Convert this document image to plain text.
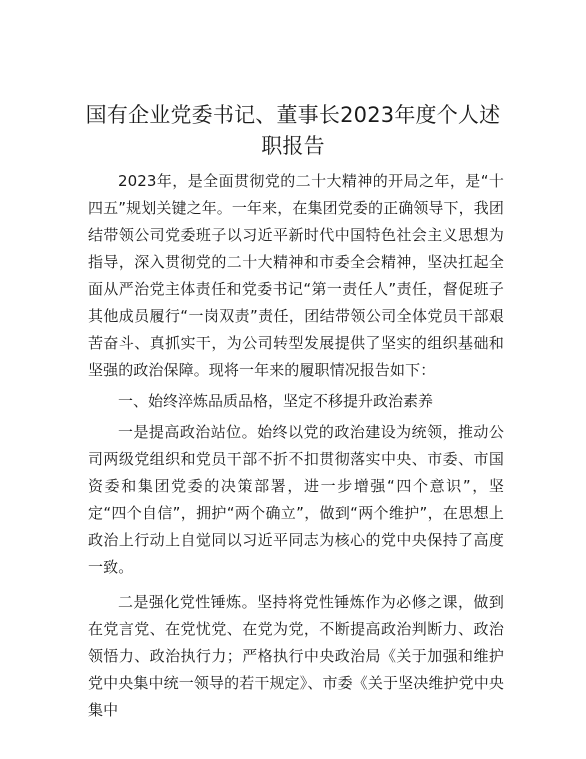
国有企业党委书记、董事长2023年度个人述职报告

2023年，是全面贯彻党的二十大精神的开局之年，是“十四五”规划关键之年。一年来，在集团党委的正确领导下，我团结带领公司党委班子以习近平新时代中国特色社会主义思想为指导，深入贯彻党的二十大精神和市委全会精神，坚决扛起全面从严治党主体责任和党委书记“第一责任人”责任，督促班子其他成员履行“一岗双责”责任，团结带领公司全体党员干部艰苦奋斗、真抓实干，为公司转型发展提供了坚实的组织基础和坚强的政治保障。现将一年来的履职情况报告如下：

一、始终淬炼品质品格，坚定不移提升政治素养

一是提高政治站位。始终以党的政治建设为统领，推动公司两级党组织和党员干部不折不扣贯彻落实中央、市委、市国资委和集团党委的决策部署，进一步增强“四个意识”，坚定“四个自信”，拥护“两个确立”，做到“两个维护”，在思想上政治上行动上自觉同以习近平同志为核心的党中央保持了高度一致。

二是强化党性锤炼。坚持将党性锤炼作为必修之课，做到在党言党、在党忧党、在党为党，不断提高政治判断力、政治领悟力、政治执行力；严格执行中央政治局《关于加强和维护党中央集中统一领导的若干规定》、市委《关于坚决维护党中央集中
